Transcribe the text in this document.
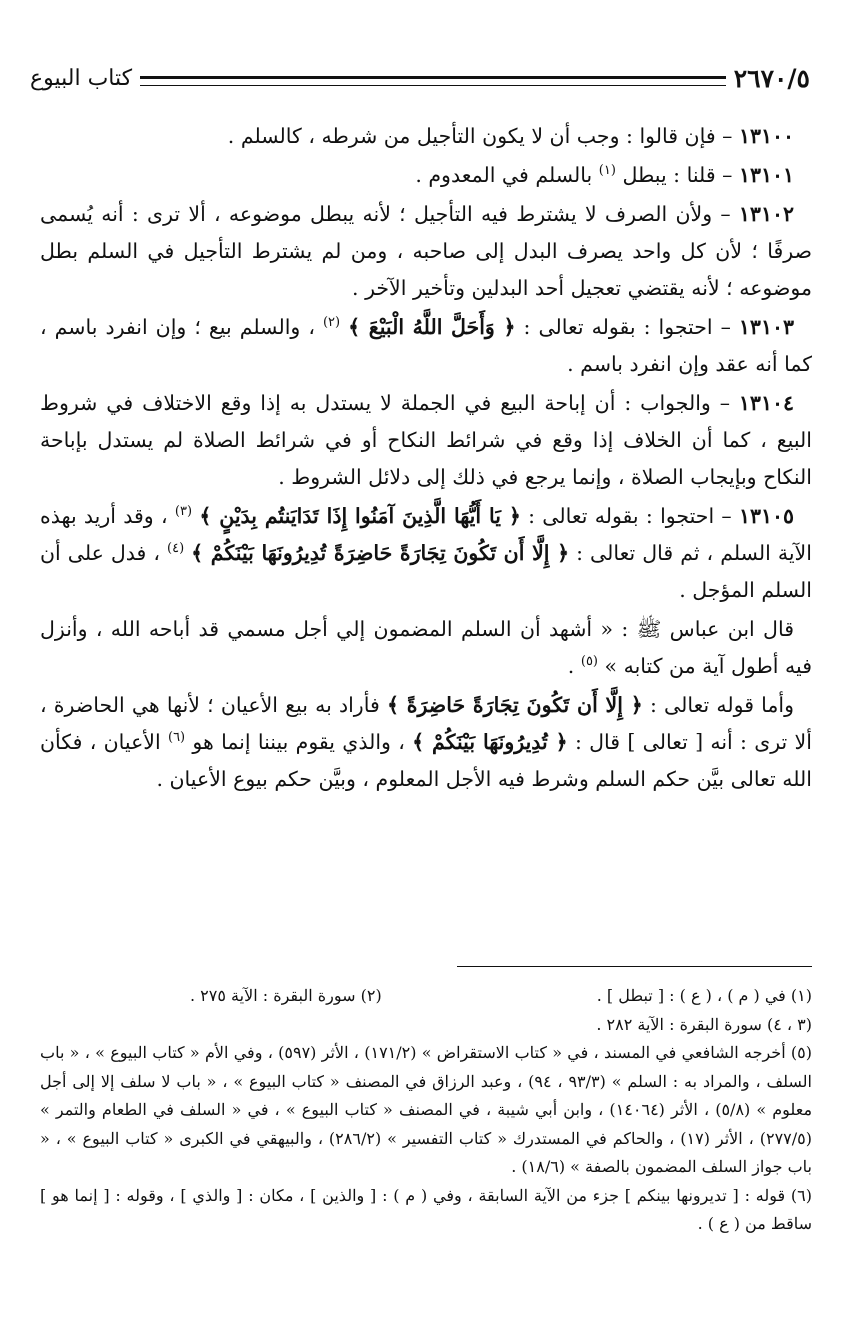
٢٦٧٠/٥
كتاب البيوع

١٣١٠٠ – فإن قالوا : وجب أن لا يكون التأجيل من شرطه ، كالسلم .

١٣١٠١ – قلنا : يبطل $^{(١)}$ بالسلم في المعدوم .

١٣١٠٢ – ولأن الصرف لا يشترط فيه التأجيل ؛ لأنه يبطل موضوعه ، ألا ترى : أنه يُسمى صرفًا ؛ لأن كل واحد يصرف البدل إلى صاحبه ، ومن لم يشترط التأجيل في السلم بطل موضوعه ؛ لأنه يقتضي تعجيل أحد البدلين وتأخير الآخر .

١٣١٠٣ – احتجوا : بقوله تعالى : ﴿ وَأَحَلَّ اللَّهُ الْبَيْعَ ﴾ $^{(٢)}$ ، والسلم بيع ؛ وإن انفرد باسم ، كما أنه عقد وإن انفرد باسم .

١٣١٠٤ – والجواب : أن إباحة البيع في الجملة لا يستدل به إذا وقع الاختلاف في شروط البيع ، كما أن الخلاف إذا وقع في شرائط النكاح أو في شرائط الصلاة لم يستدل بإباحة النكاح وبإيجاب الصلاة ، وإنما يرجع في ذلك إلى دلائل الشروط .

١٣١٠٥ – احتجوا : بقوله تعالى : ﴿ يَا أَيُّهَا الَّذِينَ آمَنُوا إِذَا تَدَايَنتُم بِدَيْنٍ ﴾ $^{(٣)}$ ، وقد أريد بهذه الآية السلم ، ثم قال تعالى : ﴿ إِلَّا أَن تَكُونَ تِجَارَةً حَاضِرَةً تُدِيرُونَهَا بَيْنَكُمْ ﴾ $^{(٤)}$ ، فدل على أن السلم المؤجل .

قال ابن عباس ﷺ : « أشهد أن السلم المضمون إلي أجل مسمي قد أباحه الله ، وأنزل فيه أطول آية من كتابه » $^{(٥)}$ .

وأما قوله تعالى : ﴿ إِلَّا أَن تَكُونَ تِجَارَةً حَاضِرَةً ﴾ فأراد به بيع الأعيان ؛ لأنها هي الحاضرة ، ألا ترى : أنه [ تعالى ] قال : ﴿ تُدِيرُونَهَا بَيْنَكُمْ ﴾ ، والذي يقوم بيننا إنما هو $^{(٦)}$ الأعيان ، فكأن الله تعالى بيَّن حكم السلم وشرط فيه الأجل المعلوم ، وبيَّن حكم بيوع الأعيان .

(١) في ( م ) ، ( ع ) : [ تبطل ] .

(٢) سورة البقرة : الآية ٢٧٥ .

(٣ ، ٤) سورة البقرة : الآية ٢٨٢ .

(٥) أخرجه الشافعي في المسند ، في « كتاب الاستقراض » (١٧١/٢) ، الأثر (٥٩٧) ، وفي الأم « كتاب البيوع » ، « باب السلف ، والمراد به : السلم » (٩٣/٣ ، ٩٤) ، وعبد الرزاق في المصنف « كتاب البيوع » ، « باب لا سلف إلا إلى أجل معلوم » (٥/٨) ، الأثر (١٤٠٦٤) ، وابن أبي شيبة ، في المصنف « كتاب البيوع » ، في « السلف في الطعام والتمر » (٢٧٧/٥) ، الأثر (١٧) ، والحاكم في المستدرك « كتاب التفسير » (٢٨٦/٢) ، والبيهقي في الكبرى « كتاب البيوع » ، « باب جواز السلف المضمون بالصفة » (١٨/٦) .

(٦) قوله : [ تديرونها بينكم ] جزء من الآية السابقة ، وفي ( م ) : [ والذين ] ، مكان : [ والذي ] ، وقوله : [ إنما هو ] ساقط من ( ع ) .
